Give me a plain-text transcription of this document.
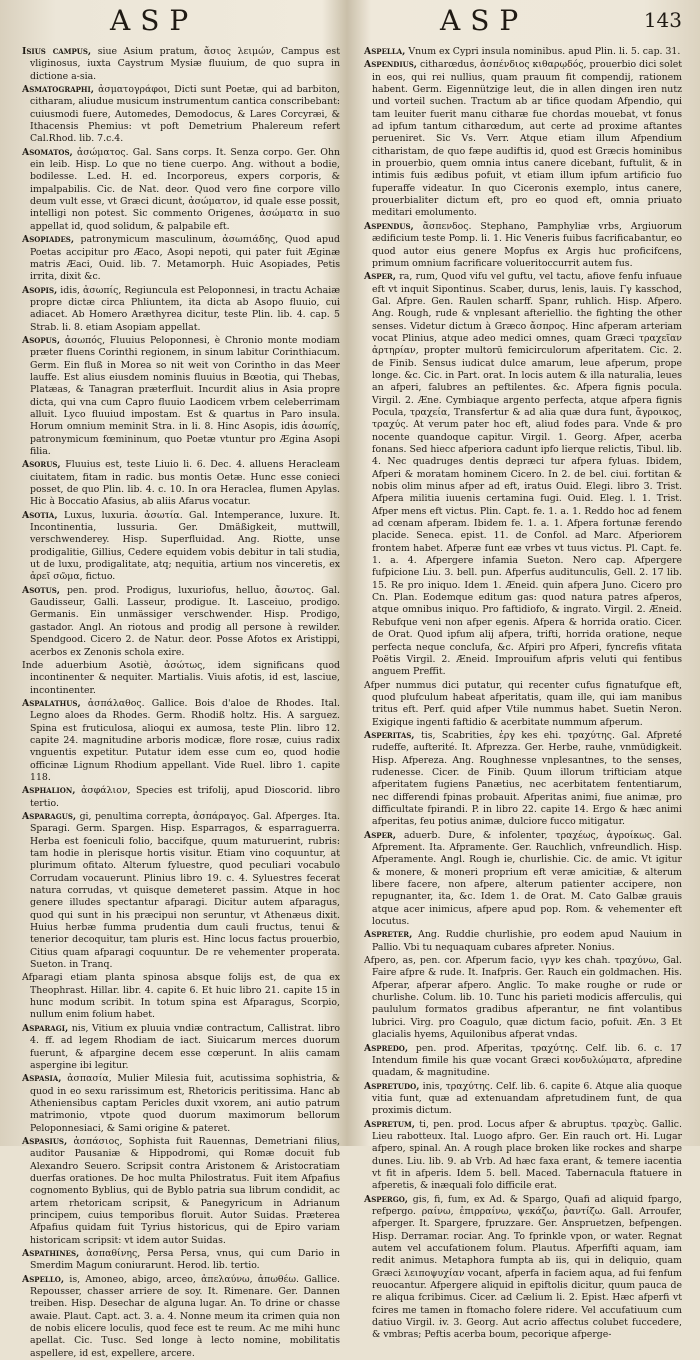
ASP	ASP	143

Isius campus, siue Asium pratum, ἄσιος λειμών, Campus est vliginosus, iuxta Caystrum Mysiæ fluuium, de quo supra in dictione a-sia.

Asmatographi, ἀσματογράφοι, Dicti sunt Poetæ, qui ad barbiton, citharam, aliudue musicum instrumentum cantica conscribebant: cuiusmodi fuere, Automedes, Demodocus, & Lares Corcyræi, & Ithacensis Phemius: vt poft Demetrium Phalereum refert Cal.Rhod. lib. 7.c.4.

Asomatos, ἀσώματος. Gal. Sans corps. It. Senza corpo. Ger. Ohn ein leib. Hisp. Lo que no tiene cuerpo. Ang. without a bodie, bodilesse. L.ed. H. ed. Incorporeus, expers corporis, & impalpabilis. Cic. de Nat. deor. Quod vero fine corpore villo deum vult esse, vt Græci dicunt, ἀσώματον, id quale esse possit, intelligi non potest. Sic commento Origenes, ἀσώματα in suo appellat id, quod solidum, & palpabile eft.

Asopiades, patronymicum masculinum, ἀσωπιάδης, Quod apud Poetas accipitur pro Æaco, Asopi nepoti, qui pater fuit Æginæ matris Æaci, Ouid. lib. 7. Metamorph. Huic Asopiades, Petis irrita, dixit &c.

Asopis, idis, ἀσωπίς, Regiuncula est Peloponnesi, in tractu Achaiæ propre dictæ circa Phliuntem, ita dicta ab Asopo fluuio, cui adiacet. Ab Homero Aræthyrea dicitur, teste Plin. lib. 4. cap. 5 Strab. li. 8. etiam Asopiam appellat.

Asopus, ἀσωπός, Fluuius Peloponnesi, è Chronio monte modiam præter fluens Corinthi regionem, in sinum labitur Corinthiacum. Germ. Ein fluß in Morea so nit weit von Corintho in das Meer lauffe. Est alius eiusdem nominis fluuius in Bœotia, qui Thebas, Platæas, & Tanagran præterfluit. Incurdit alius in Asia propre dicta, qui vna cum Capro fluuio Laodicem vrbem celeberrimam alluit. Lyco fluuiud impostam. Est & quartus in Paro insula. Horum omnium meminit Stra. in li. 8. Hinc Asopis, idis ἀσωπίς, patronymicum fœmininum, quo Poetæ vtuntur pro Ægina Asopi filia.

Asorus, Fluuius est, teste Liuio li. 6. Dec. 4. alluens Heracleam ciuitatem, fitam in radic. bus montis Oetæ. Hunc esse conieci posset, de quo Plin. lib. 4. c. 10. In ora Heraclea, flumen Apylas. Hic à Boccatio Afasius, ab aliis Afarus vocatur.

Asotia, Luxus, luxuria. ἀσωτία. Gal. Intemperance, luxure. It. Incontinentia, lussuria. Ger. Dmäßigkeit, muttwill, verschwenderey. Hisp. Superfluidad. Ang. Riotte, unse prodigalitie, Gillius, Cedere equidem vobis debitur in tali studia, ut de luxu, prodigalitate, atq; nequitia, artium nos vinceretis, ex ἀρεῖ σῶμα, fictuo.

Asotus, pen. prod. Prodigus, luxuriofus, helluo, ἄσωτος. Gal. Gaudisseur, Galli. Lasseur, prodigue. It. Lasceiuo, prodigo. Germanis. Ein unmässiger verschwender. Hisp. Prodigo, gastador. Angl. An riotous and prodig all persone à rewilder. Spendgood. Cicero 2. de Natur. deor. Posse Afotos ex Aristippi, acerbos ex Zenonis schola exire.

Inde aduerbium Asotiè, ἀσώτως, idem significans quod incontinenter & nequiter. Martialis. Viuis afotis, id est, lasciue, incontinenter.

Aspalathus, ἀσπάλαθος. Gallice. Bois d'aloe de Rhodes. Ital. Legno aloes da Rhodes. Germ. Rhodiß holtz. His. A sarguez. Spina est fruticulosa, alioqui ex aumosa, teste Plin. libro 12. capite 24. magnitudine arboris modicæ, flore rosæ, cuius radix vnguentis expetitur. Putatur idem esse cum eo, quod hodie officinæ Lignum Rhodium appellant. Vide Ruel. libro 1. capite 118.

Asphalion, ἀσφάλιον, Species est trifolij, apud Dioscorid. libro tertio.

Asparagus, gi, penultima correpta, ἀσπάραγος. Gal. Afperges. Ita. Sparagi. Germ. Spargen. Hisp. Esparragos, & esparraguerra. Herba est foeniculi folio, baccifque, quum maturuerint, rubris: tam hodie in plerisque hortis visitur. Etiam vino coquuntur, at plurimum ofitato. Alterum fyluestre, quod peculiari vocabulo Corrudam vocauerunt. Plinius libro 19. c. 4. Syluestres fecerat natura corrudas, vt quisque demeteret passim. Atque in hoc genere illudes spectantur afparagi. Dicitur autem afparagus, quod qui sunt in his præcipui non seruntur, vt Athenæus dixit. Huius herbæ fumma prudentia dum cauli fructus, tenui & tenerior decoquitur, tam pluris est. Hinc locus factus prouerbio, Citius quam afparagi coquuntur. De re vehementer properata. Sueton. in Tranq.

Afparagi etiam planta spinosa absque folijs est, de qua ex Theophrast. Hillar. libr. 4. capite 6. Et huic libro 21. capite 15 in hunc modum scribit. In totum spina est Afparagus, Scorpio, nullum enim folium habet.

Asparagi, nis, Vitium ex pluuia vndiæ contractum, Callistrat. libro 4. ff. ad legem Rhodiam de iact. Siuicarum merces duorum fuerunt, & afpargine decem esse cœperunt. In aliis camam aspergine ibi legitur.

Aspasia, ἀσπασία, Mulier Milesia fuit, acutissima sophistria, & quod in eo sexu rarissimum est, Rhetoricis peritissima. Hanc ab Atheniensibus captam Pericles duxit vxorem, ani autio patrum matrimonio, vtpote quod duorum maximorum bellorum Peloponnesiaci, & Sami origine & pateret.

Aspasius, ἀσπάσιος, Sophista fuit Rauennas, Demetriani filius, auditor Pausaniæ & Hippodromi, qui Romæ docuit fub Alexandro Seuero. Scripsit contra Aristonem & Aristocratiam duerfas orationes. De hoc multa Philostratus. Fuit item Afpafius cognomento Byblius, qui de Byblo patria sua librum condidit, ac artem rhetoricam scripsit, & Panegyricum in Adrianum principem, cuius temporibus floruit. Autor Suidas. Præterea Afpafius quidam fuit Tyrius historicus, qui de Epiro variam historicam scripsit: vt idem autor Suidas.

Aspathines, ἀσπαθίνης, Persa Persa, vnus, qui cum Dario in Smerdim Magum coniurarunt. Herod. lib. tertio.

Aspello, is, Amoneo, abigo, arceo, ἀπελαύνω, ἀπωθέω. Gallice. Repousser, chasser arriere de soy. It. Rimenare. Ger. Dannen treiben. Hisp. Desechar de alguna lugar. An. To drine or chasse awaie. Plaut. Capt. act. 3. a. 4. Nonne meum ita crimen quia non de nobis elicere loculis, quod fece est te reum. Ac me mihi hunc apellat. Cic. Tusc. Sed longe à lecto nomine, mobilitatis aspellere, id est, expellere, arcere.

Aspella, Vnum ex Cypri insula nominibus. apud Plin. li. 5. cap. 31.

Aspendius, citharœdus, ἀσπένδιος κιθαρῳδός, prouerbio dici solet in eos, qui rei nullius, quam prauum fit compendij, rationem habent. Germ. Eigennützige leut, die in allen dingen iren nutz und vorteil suchen. Tractum ab ar tifice quodam Afpendio, qui tam leuiter fuerit manu citharæ fue chordas mouebat, vt fonus ad ipfum tantum citharœdum, aut certe ad proxime aftantes perueniret. Sic Vs. Verr. Atque etiam illum Afpendium citharistam, de quo fæpe audiftis id, quod est Græcis hominibus in prouerbio, quem omnia intus canere dicebant, fuftulit, & in intimis fuis ædibus pofuit, vt etiam illum ipfum artificio fuo fuperaffe videatur. In quo Ciceronis exemplo, intus canere, prouerbialiter dictum eft, pro eo quod eft, omnia priuato meditari emolumento.

Aspendus, ἄσπενδος. Stephano, Pamphyliæ vrbs, Argiuorum ædificium teste Pomp. li. 1. Hic Veneris fuibus facrificabantur, eo quod autor eius genere Mopfus ex Argis huc proficifcens, primum omnium facrificare volueritoccurrit autem fus.

Asper, ra, rum, Quod vifu vel guftu, vel tactu, afiove fenfu infuaue eft vt inquit Sipontinus. Scaber, durus, lenis, lauis. Γγ kasschod, Gal. Afpre. Gen. Raulen scharff. Spanr, ruhlich. Hisp. Afpero. Ang. Rough, rude & vnplesant afteriellio. the fighting the other senses. Videtur dictum à Græco ἄσπρος. Hinc afperam arteriam vocat Plinius, atque adeo medici omnes, quam Græci τραχεῖαν ἀρτηρίαν, propter multorū femicirculorum afperitatem. Cic. 2. de Finib. Sensus iudicat dulce amarum, leue afperum, prope longe. &c. Cic. in Part. orat. In locis autem & illa naturalia, leues an afperi, falubres an peftilentes. &c. Afpera fignis pocula. Virgil. 2. Æne. Cymbiaque argento perfecta, atque afpera fignis Pocula, τραχεία, Transfertur & ad alia quæ dura funt, ἄγροικος, τραχύς. At verum pater hoc eft, aliud fodes para. Vnde & pro nocente quandoque capitur. Virgil. 1. Georg. Afper, acerba fonans. Sed hiecc afperiora cadunt ipfo lierque relictis, Tibul. lib. 4. Nec quadruges dentis depræci tur afpera fyluas. Ibidem, Afperi & moratam hominem Cicero. In 2. de bel. ciui. fortitan & nobis olim minus afper ad eft, iratus Ouid. Elegi. libro 3. Trist. Afpera militia iuuenis certamina fugi. Ouid. Eleg. l. 1. Trist. Afper mens eft victus. Plin. Capt. fe. 1. a. 1. Reddo hoc ad fenem ad cœnam afperam. Ibidem fe. 1. a. 1. Afpera fortunæ ferendo placide. Seneca. epist. 11. de Confol. ad Marc. Afperiorem frontem habet. Afperæ funt eæ vrbes vt tuus victus. Pl. Capt. fe. 1. a. 4. Afpergere infamia Sueton. Nero cap. Afpergere fufpicione Liu. 3. bell. pun. Afperfus auditunculis, Gell. 2. 17 lib. 15. Re pro iniquo. Idem 1. Æneid. quin afpera Juno. Cicero pro Cn. Plan. Eodemque editum gas: quod natura patres afperos, atque omnibus iniquo. Pro faftidiofo, & ingrato. Virgil. 2. Æneid. Rebufque veni non afper egenis. Afpera & horrida oratio. Cicer. de Orat. Quod ipfum alij afpera, trifti, horrida oratione, neque perfecta neque conclufa, &c. Afpiri pro Afperi, fyncrefis vfitata Poëtis Virgil. 2. Æneid. Improuifum afpris veluti qui fentibus anguem Preffit.

Afper nummus dici putatur, qui recenter cufus fignatufque eft, quod plufculum habeat afperitatis, quam ille, qui iam manibus tritus eft. Perf. quid afper Vtile nummus habet. Suetin Neron. Exigique ingenti faftidio & acerbitate nummum afperum.

Asperitas, tis, Scabrities, ἐργ kes ehi. τραχύτης. Gal. Afpreté rudeffe, aufterité. It. Afprezza. Ger. Herbe, rauhe, vnmüdigkeit. Hisp. Afpereza. Ang. Roughnesse vnplesantnes, to the senses, rudenesse. Cicer. de Finib. Quum illorum trifticiam atque afperitatem fugiens Panætius, nec acerbitatem fententiarum, nec differendi fpinas probauit. Afperitas animi, fiue animæ, pro difficultate fpirandi. P. in libro 22. capite 14. Ergo & hæc animi afperitas, feu potius animæ, dulciore fucco mitigatur.

Asper, aduerb. Dure, & infolenter, τραχέως, ἀγροίκως. Gal. Afprement. Ita. Afpramente. Ger. Rauchlich, vnfreundlich. Hisp. Afperamente. Angl. Rough ie, churlishie. Cic. de amic. Vt igitur & monere, & moneri proprium eft veræ amicitiæ, & alterum libere facere, non afpere, alterum patienter accipere, non repugnanter, ita, &c. Idem 1. de Orat. M. Cato Galbæ grauis atque acer inimicus, afpere apud pop. Rom. & vehementer eft locutus.

Aspreter, Ang. Ruddie churlishie, pro eodem apud Nauium in Pallio. Vbi tu nequaquam cubares afpreter. Nonius.

Afpero, as, pen. cor. Afperum facio, ιγγν kes chah. τραχύνω, Gal. Faire afpre & rude. It. Inafpris. Ger. Rauch ein goldmachen. His. Afperar, afperar afpero. Anglic. To make roughe or rude or churlishe. Colum. lib. 10. Tunc his parieti modicis afferculis, qui paululum formatos gradibus afperantur, ne fint volantibus lubrici. Virg. pro Coagulo, quæ dictum facio, pofuit. Æn. 3 Et glacialis hyems, Aquilonibus afperat vndas.

Aspredo, pen. prod. Afperitas, τραχύτης. Celf. lib. 6. c. 17 Intendum fimile his quæ vocant Græci κονδυλώματα, afpredine quadam, & magnitudine.

Aspretudo, inis, τραχύτης. Celf. lib. 6. capite 6. Atque alia quoque vitia funt, quæ ad extenuandam afpretudinem funt, de qua proximis dictum.

Aspretum, ti, pen. prod. Locus afper & abruptus. τραχὺς. Gallic. Lieu rabotteux. Ital. Luogo afpro. Ger. Ein rauch ort. Hi. Lugar afpero, spinal. An. A rough place broken like rockes and sharpe dunes. Liu. lib. 9. ab Vrb. Ad hæc faxa erant, & temere iacentia vt fit in afperis. Idem 5. bell. Maced. Tabernacula ftatuere in afperetis, & inæquali folo difficile erat.

Aspergo, gis, fi, fum, ex Ad. & Spargo, Quafi ad aliquid fpargo, refpergo. ραίνω, ἐπιρραίνω, ψεκάζω, ῥαντίζω. Gall. Arroufer, afperger. It. Spargere, fpruzzare. Ger. Anspruetzen, befpengen. Hisp. Derramar. rociar. Ang. To fprinkle vpon, or water. Regnat autem vel accufationem folum. Plautus. Afperfifti aquam, iam redit animus. Metaphora fumpta ab iis, qui in deliquio, quam Græci λειποψυχίαν vocant, afperfa in faciem aqua, ad fui fenfum reuocantur. Afpergere aliquid in epiftolis dicitur, quum pauca de re aliqua fcribimus. Cicer. ad Cælium li. 2. Epist. Hæc afperfi vt fcires me tamen in ftomacho folere ridere. Vel accufatiuum cum datiuo Virgil. iv. 3. Georg. Aut acrio affectus colubet fuccedere, & vmbras; Peftis acerba boum, pecorique afperge-
